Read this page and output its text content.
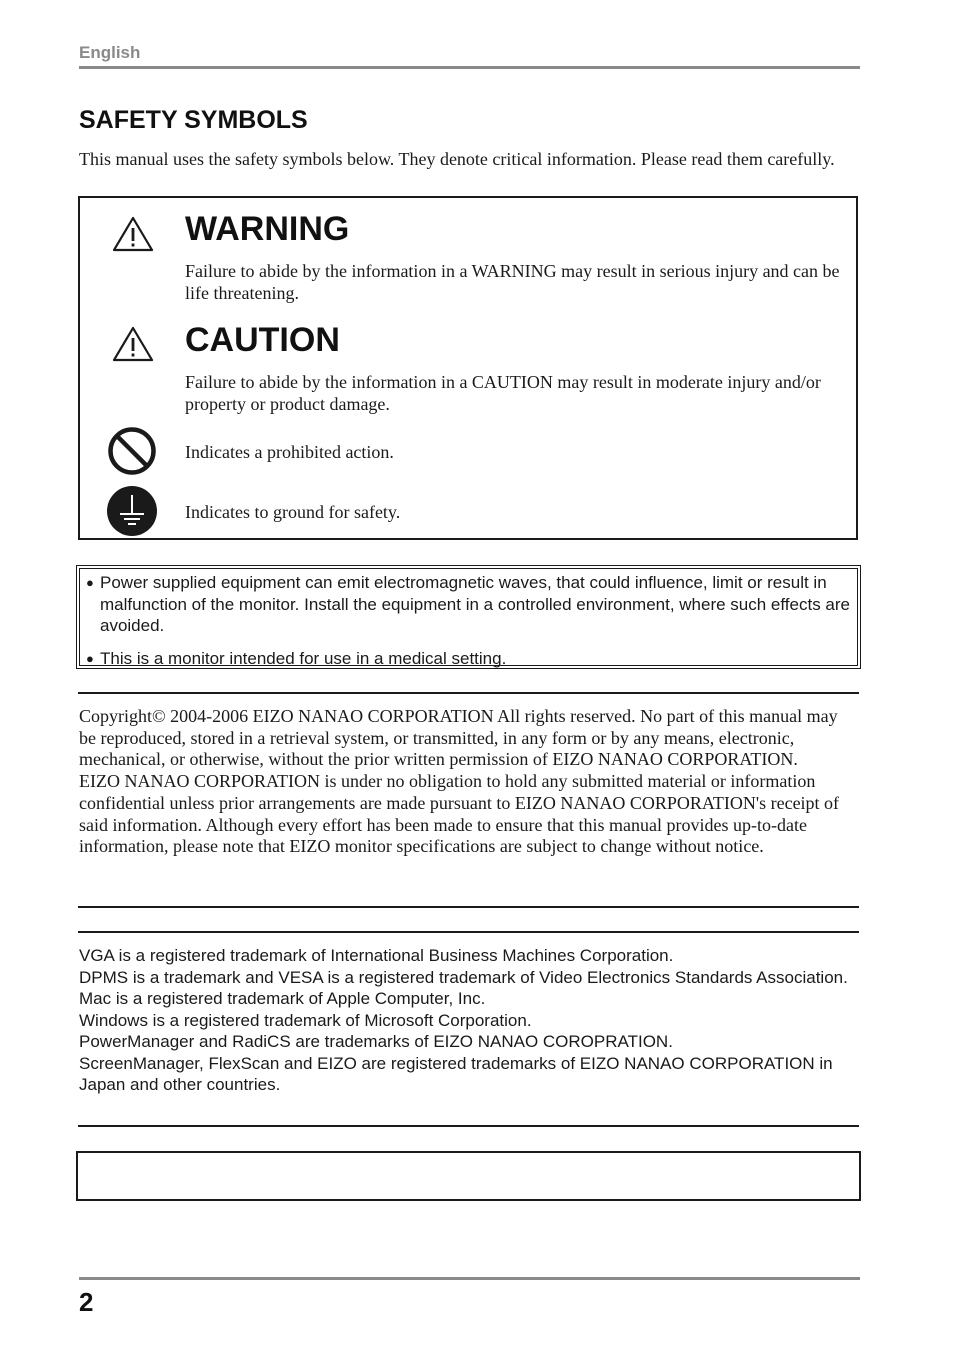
English
SAFETY SYMBOLS
This manual uses the safety symbols below. They denote critical information. Please read them carefully.
WARNING
Failure to abide by the information in a WARNING may result in serious injury and can be life threatening.
CAUTION
Failure to abide by the information in a CAUTION may result in moderate injury and/or property or product damage.
Indicates a prohibited action.
Indicates to ground for safety.
● Power supplied equipment can emit electromagnetic waves, that could influence, limit or result in malfunction of the monitor. Install the equipment in a controlled environment, where such effects are avoided.
● This is a monitor intended for use in a medical setting.
Copyright© 2004-2006 EIZO NANAO CORPORATION All rights reserved. No part of this manual may be reproduced, stored in a retrieval system, or transmitted, in any form or by any means, electronic, mechanical, or otherwise, without the prior written permission of EIZO NANAO CORPORATION.
EIZO NANAO CORPORATION is under no obligation to hold any submitted material or information confidential unless prior arrangements are made pursuant to EIZO NANAO CORPORATION's receipt of said information. Although every effort has been made to ensure that this manual provides up-to-date information, please note that EIZO monitor specifications are subject to change without notice.
VGA is a registered trademark of International Business Machines Corporation.
DPMS is a trademark and VESA is a registered trademark of Video Electronics Standards Association.
Mac is a registered trademark of Apple Computer, Inc.
Windows is a registered trademark of Microsoft Corporation.
PowerManager and RadiCS are trademarks of EIZO NANAO COROPRATION.
ScreenManager, FlexScan and EIZO are registered trademarks of EIZO NANAO CORPORATION in Japan and other countries.
2
